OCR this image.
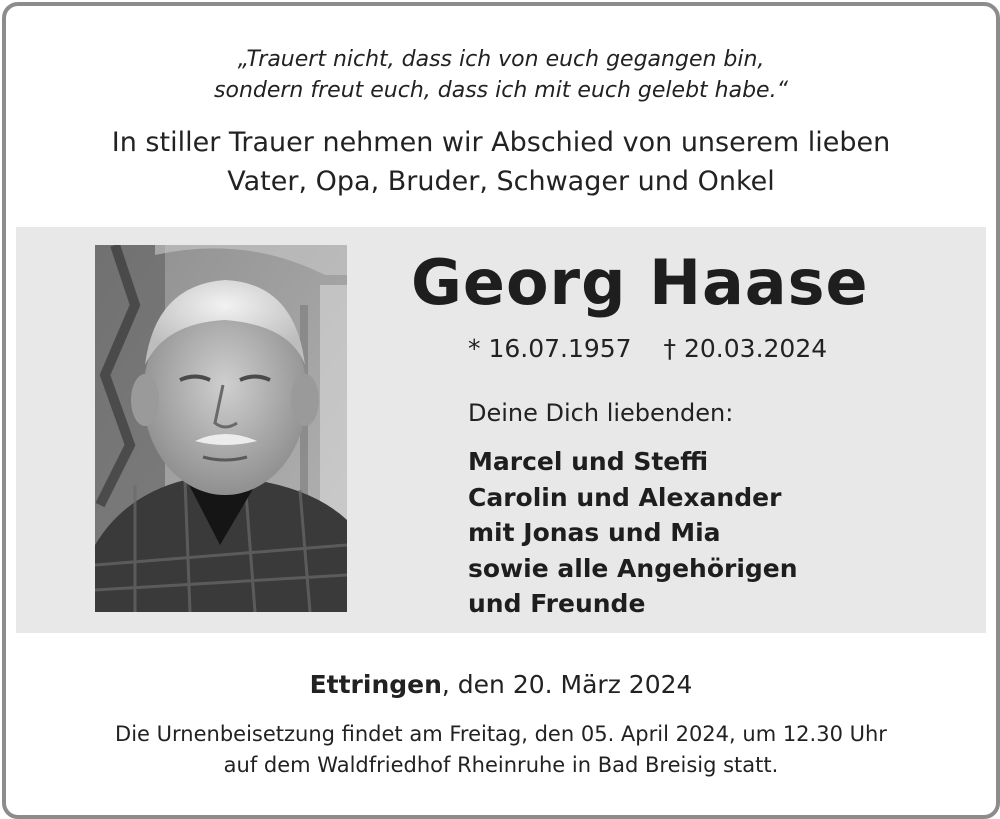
„Trauert nicht, dass ich von euch gegangen bin,
sondern freut euch, dass ich mit euch gelebt habe.“
In stiller Trauer nehmen wir Abschied von unserem lieben
Vater, Opa, Bruder, Schwager und Onkel
Georg Haase
* 16.07.1957 † 20.03.2024
Deine Dich liebenden:
Marcel und Steffi
Carolin und Alexander
mit Jonas und Mia
sowie alle Angehörigen
und Freunde
Ettringen, den 20. März 2024
Die Urnenbeisetzung findet am Freitag, den 05. April 2024, um 12.30 Uhr
auf dem Waldfriedhof Rheinruhe in Bad Breisig statt.
